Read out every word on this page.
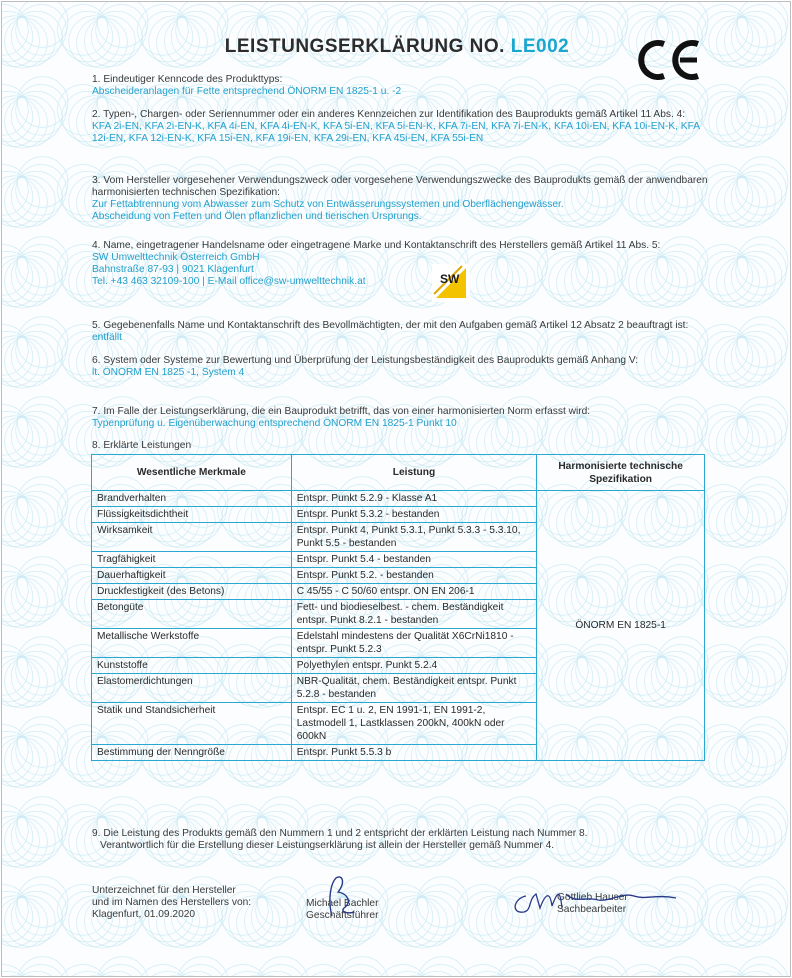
LEISTUNGSERKLÄRUNG NO. LE002
1. Eindeutiger Kenncode des Produkttyps:
Abscheideranlagen für Fette entsprechend ÖNORM EN 1825-1 u. -2
2. Typen-, Chargen- oder Seriennummer oder ein anderes Kennzeichen zur Identifikation des Bauprodukts gemäß Artikel 11 Abs. 4:
KFA 2i-EN, KFA 2i-EN-K, KFA 4i-EN, KFA 4i-EN-K, KFA 5i-EN, KFA 5i-EN-K, KFA 7i-EN, KFA 7i-EN-K, KFA 10i-EN, KFA 10i-EN-K, KFA 12i-EN, KFA 12i-EN-K, KFA 15i-EN, KFA 19i-EN, KFA 29i-EN, KFA 45i-EN, KFA 55i-EN
3. Vom Hersteller vorgesehener Verwendungszweck oder vorgesehene Verwendungszwecke des Bauprodukts gemäß der anwendbaren harmonisierten technischen Spezifikation:
Zur Fettabtrennung vom Abwasser zum Schutz von Entwässerungssystemen und Oberflächengewässer.
Abscheidung von Fetten und Ölen pflanzlichen und tierischen Ursprungs.
4. Name, eingetragener Handelsname oder eingetragene Marke und Kontaktanschrift des Herstellers gemäß Artikel 11 Abs. 5:
SW Umwelttechnik Österreich GmbH
Bahnstraße 87-93 | 9021 Klagenfurt
Tel. +43 463 32109-100 | E-Mail office@sw-umwelttechnik.at	SW
5. Gegebenenfalls Name und Kontaktanschrift des Bevollmächtigten, der mit den Aufgaben gemäß Artikel 12 Absatz 2 beauftragt ist: entfällt
6. System oder Systeme zur Bewertung und Überprüfung der Leistungsbeständigkeit des Bauprodukts gemäß Anhang V:
lt. ÖNORM EN 1825 -1, System 4
7. Im Falle der Leistungserklärung, die ein Bauprodukt betrifft, das von einer harmonisierten Norm erfasst wird:
Typenprüfung u. Eigenüberwachung entsprechend ÖNORM EN 1825-1 Punkt 10
8. Erklärte Leistungen
Wesentliche Merkmale	Leistung	Harmonisierte technische Spezifikation
Brandverhalten	Entspr. Punkt 5.2.9 - Klasse A1	ÖNORM EN 1825-1
Flüssigkeitsdichtheit	Entspr. Punkt 5.3.2 - bestanden	
Wirksamkeit	Entspr. Punkt 4, Punkt 5.3.1, Punkt 5.3.3 - 5.3.10, Punkt 5.5 - bestanden	
Tragfähigkeit	Entspr. Punkt 5.4 - bestanden	
Dauerhaftigkeit	Entspr. Punkt 5.2. - bestanden	
Druckfestigkeit (des Betons)	C 45/55 - C 50/60 entspr. ON EN 206-1	
Betongüte	Fett- und biodieselbest. - chem. Beständigkeit entspr. Punkt 8.2.1 - bestanden	
Metallische Werkstoffe	Edelstahl mindestens der Qualität X6CrNi1810 - entspr. Punkt 5.2.3	
Kunststoffe	Polyethylen entspr. Punkt 5.2.4	
Elastomerdichtungen	NBR-Qualität, chem. Beständigkeit entspr. Punkt 5.2.8 - bestanden	
Statik und Standsicherheit	Entspr. EC 1 u. 2, EN 1991-1, EN 1991-2, Lastmodell 1, Lastklassen 200kN, 400kN oder 600kN	
Bestimmung der Nenngröße	Entspr. Punkt 5.5.3 b	
9. Die Leistung des Produkts gemäß den Nummern 1 und 2 entspricht der erklärten Leistung nach Nummer 8.
Verantwortlich für die Erstellung dieser Leistungserklärung ist allein der Hersteller gemäß Nummer 4.
Unterzeichnet für den Hersteller
und im Namen des Herstellers von:
Klagenfurt, 01.09.2020
Michael Bachler
Geschäftsführer
Gottlieb Hauser
Sachbearbeiter
